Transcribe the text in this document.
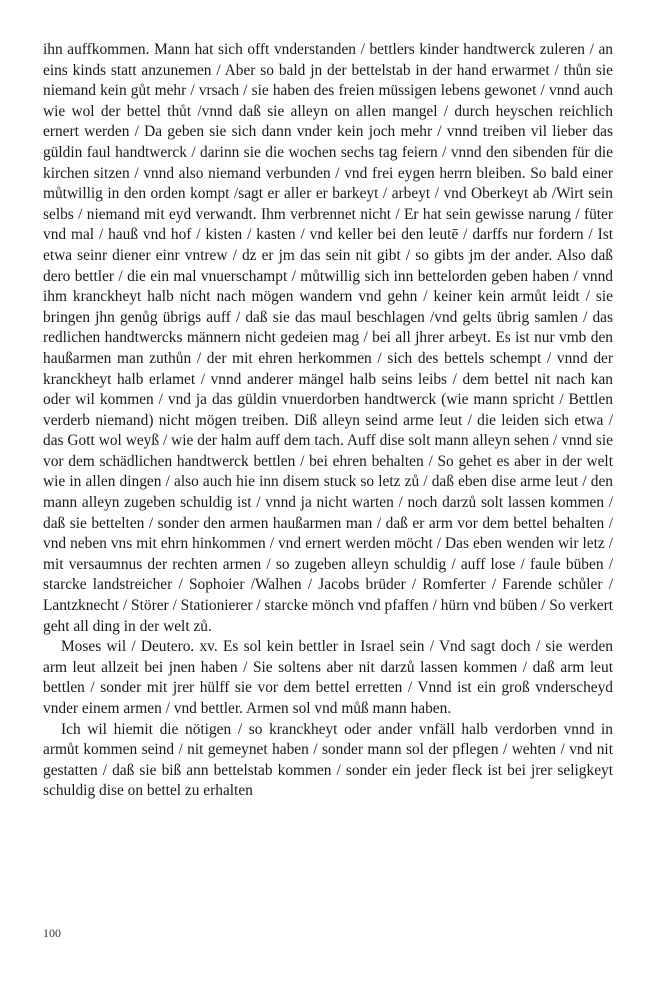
ihn auffkommen. Mann hat sich offt vnderstanden / bettlers kinder handtwerck zuleren / an eins kinds statt anzunemen / Aber so bald jn der bettelstab in der hand erwarmet / thůn sie niemand kein gůt mehr / vrsach / sie haben des freien müssigen lebens gewonet / vnnd auch wie wol der bettel thůt /vnnd daß sie alleyn on allen mangel / durch heyschen reichlich ernert werden / Da geben sie sich dann vnder kein joch mehr / vnnd treiben vil lieber das güldin faul handtwerck / darinn sie die wochen sechs tag feiern / vnnd den sibenden für die kirchen sitzen / vnnd also niemand verbunden / vnd frei eygen herrn bleiben. So bald einer můtwillig in den orden kompt /sagt er aller er barkeyt / arbeyt / vnd Oberkeyt ab /Wirt sein selbs / niemand mit eyd verwandt. Ihm verbrennet nicht / Er hat sein gewisse narung / füter vnd mal / hauß vnd hof / kisten / kasten / vnd keller bei den leutē / darffs nur fordern / Ist etwa seinr diener einr vntrew / dz er jm das sein nit gibt / so gibts jm der ander. Also daß dero bettler / die ein mal vnuerschampt / můtwillig sich inn bettelorden geben haben / vnnd ihm kranckheyt halb nicht nach mögen wandern vnd gehn / keiner kein armůt leidt / sie bringen jhn genůg übrigs auff / daß sie das maul beschlagen /vnd gelts übrig samlen / das redlichen handtwercks männern nicht gedeien mag / bei all jhrer arbeyt. Es ist nur vmb den haußarmen man zuthůn / der mit ehren herkommen / sich des bettels schempt / vnnd der kranckheyt halb erlamet / vnnd anderer mängel halb seins leibs / dem bettel nit nach kan oder wil kommen / vnd ja das güldin vnuerdorben handtwerck (wie mann spricht / Bettlen verderb niemand) nicht mögen treiben. Diß alleyn seind arme leut / die leiden sich etwa / das Gott wol weyß / wie der halm auff dem tach. Auff dise solt mann alleyn sehen / vnnd sie vor dem schädlichen handtwerck bettlen / bei ehren behalten / So gehet es aber in der welt wie in allen dingen / also auch hie inn disem stuck so letz zů / daß eben dise arme leut / den mann alleyn zugeben schuldig ist / vnnd ja nicht warten / noch darzů solt lassen kommen / daß sie bettelten / sonder den armen haußarmen man / daß er arm vor dem bettel behalten / vnd neben vns mit ehrn hinkommen / vnd ernert werden möcht / Das eben wenden wir letz / mit versaumnus der rechten armen / so zugeben alleyn schuldig / auff lose / faule büben / starcke landstreicher / Sophoier /Walhen / Jacobs brüder / Romferter / Farende schůler / Lantzknecht / Störer / Stationierer / starcke mönch vnd pfaffen / hürn vnd büben / So verkert geht all ding in der welt zů.

Moses wil / Deutero. xv. Es sol kein bettler in Israel sein / Vnd sagt doch / sie werden arm leut allzeit bei jnen haben / Sie soltens aber nit darzů lassen kommen / daß arm leut bettlen / sonder mit jrer hülff sie vor dem bettel erretten / Vnnd ist ein groß vnderscheyd vnder einem armen / vnd bettler. Armen sol vnd můß mann haben.

Ich wil hiemit die nötigen / so kranckheyt oder ander vnfäll halb verdorben vnnd in armůt kommen seind / nit gemeynet haben / sonder mann sol der pflegen / wehten / vnd nit gestatten / daß sie biß ann bettelstab kommen / sonder ein jeder fleck ist bei jrer seligkeyt schuldig dise on bettel zu erhalten

100
